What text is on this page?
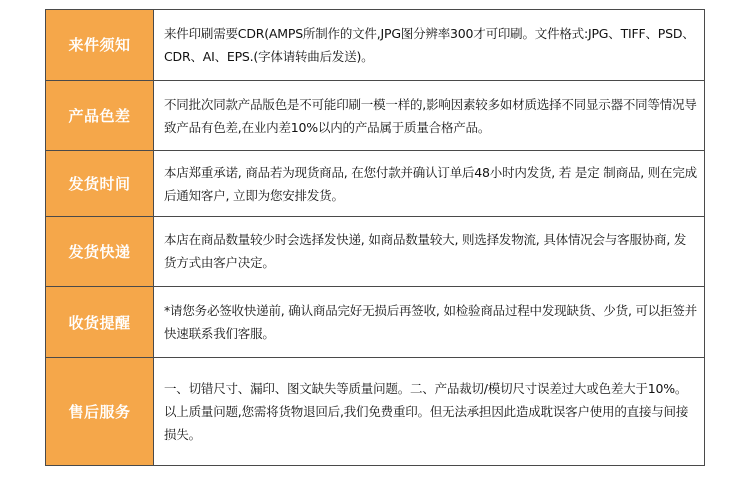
来件须知
来件印刷需要CDR(AMPS所制作的文件,JPG图分辨率300才可印刷。文件格式:JPG、TIFF、PSD、CDR、AI、EPS.(字体请转曲后发送)。
产品色差
不同批次同款产品版色是不可能印刷一模一样的,影响因素较多如材质选择不同显示器不同等情况导致产品有色差,在业内差10%以内的产品属于质量合格产品。
发货时间
本店郑重承诺, 商品若为现货商品, 在您付款并确认订单后48小时内发货, 若 是定 制商品, 则在完成后通知客户, 立即为您安排发货。
发货快递
本店在商品数量较少时会选择发快递, 如商品数量较大, 则选择发物流, 具体情况会与客服协商, 发货方式由客户决定。
收货提醒
*请您务必签收快递前, 确认商品完好无损后再签收, 如检验商品过程中发现缺货、少货, 可以拒签并快速联系我们客服。
售后服务
一、切错尺寸、漏印、图文缺失等质量问题。二、产品裁切/模切尺寸误差过大或色差大于10%。以上质量问题,您需将货物退回后,我们免费重印。但无法承担因此造成耽误客户使用的直接与间接损失。
